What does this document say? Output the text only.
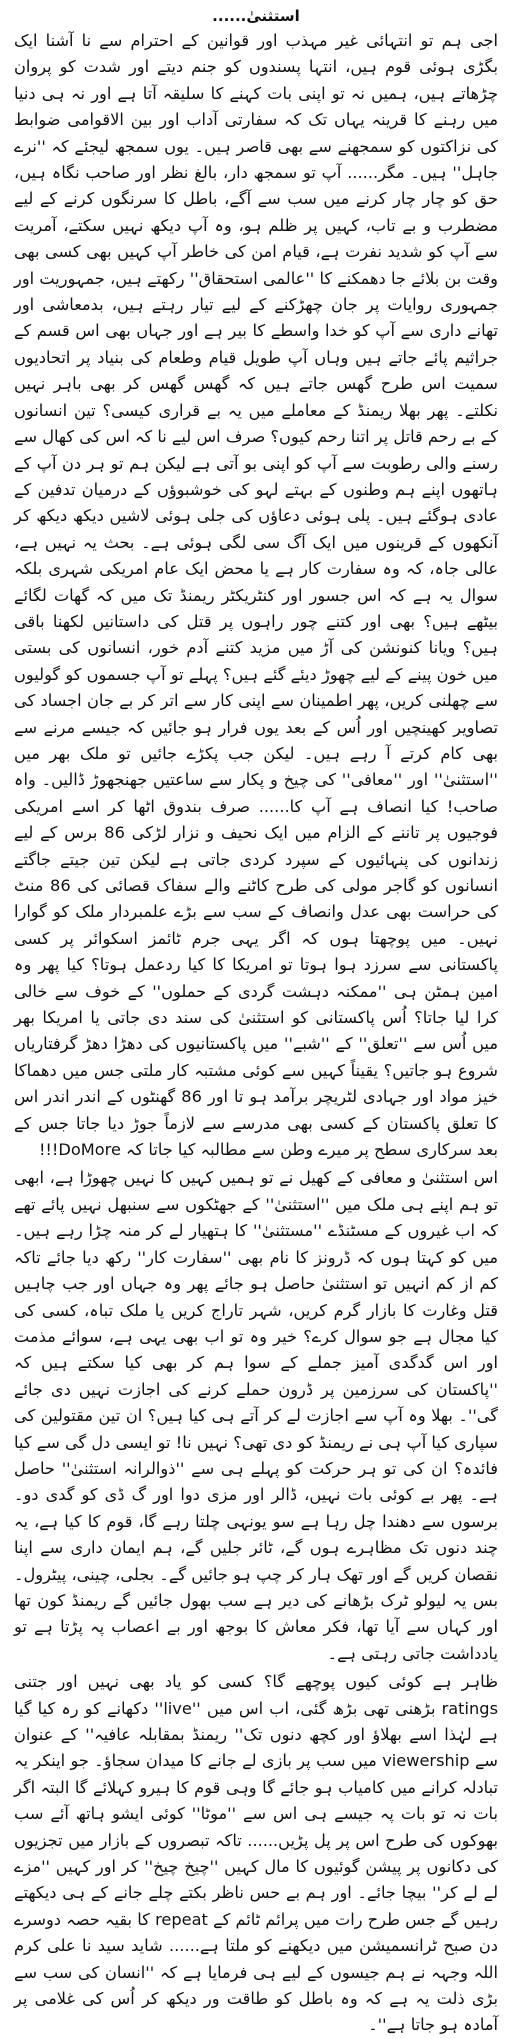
استثنیٰ......

اجی ہم تو انتہائی غیر مہذب اور قوانین کے احترام سے نا آشنا ایک بگڑی ہوئی قوم ہیں، انتہا پسندوں کو جنم دیتے اور شدت کو پروان چڑھاتے ہیں، ہمیں نہ تو اپنی بات کہنے کا سلیقہ آتا ہے اور نہ ہی دنیا میں رہنے کا قرینہ یہاں تک کہ سفارتی آداب اور بین الاقوامی ضوابط کی نزاکتوں کو سمجھنے سے بھی قاصر ہیں۔ یوں سمجھ لیجئے کہ ''نرے جاہل'' ہیں۔ مگر...... آپ تو سمجھ دار، بالغ نظر اور صاحب نگاہ ہیں، حق کو چار چار کرنے میں سب سے آگے، باطل کا سرنگوں کرنے کے لیے مضطرب و بے تاب، کہیں پر ظلم ہو، وہ آپ دیکھ نہیں سکتے، آمریت سے آپ کو شدید نفرت ہے، قیام امن کی خاطر آپ کہیں بھی کسی بھی وقت بن بلائے جا دھمکنے کا ''عالمی استحقاق'' رکھتے ہیں، جمہوریت اور جمہوری روایات پر جان چھڑکنے کے لیے تیار رہتے ہیں، بدمعاشی اور تھانے داری سے آپ کو خدا واسطے کا بیر ہے اور جہاں بھی اس قسم کے جراثیم پائے جاتے ہیں وہاں آپ طویل قیام وطعام کی بنیاد پر اتحادیوں سمیت اس طرح گھس جاتے ہیں کہ گھس گھس کر بھی باہر نہیں نکلتے۔ پھر بھلا ریمنڈ کے معاملے میں یہ بے قراری کیسی؟ تین انسانوں کے بے رحم قاتل پر اتنا رحم کیوں؟ صرف اس لیے نا کہ اس کی کھال سے رسنے والی رطوبت سے آپ کو اپنی بو آتی ہے لیکن ہم تو ہر دن آپ کے ہاتھوں اپنے ہم وطنوں کے بہتے لہو کی خوشبوؤں کے درمیان تدفین کے عادی ہوگئے ہیں۔ پلی ہوئی دعاؤں کی جلی ہوئی لاشیں دیکھ دیکھ کر آنکھوں کے قرینوں میں ایک آگ سی لگی ہوئی ہے۔ بحث یہ نہیں ہے، عالی جاہ، کہ وہ سفارت کار ہے یا محض ایک عام امریکی شہری بلکہ سوال یہ ہے کہ اس جسور اور کنٹریکٹر ریمنڈ تک میں کہ گھات لگائے بیٹھے ہیں؟ بھی اور کتنے چور راہوں پر قتل کی داستانیں لکھنا باقی ہیں؟ ویانا کنونشن کی آڑ میں مزید کتنے آدم خور، انسانوں کی بستی میں خون پینے کے لیے چھوڑ دیئے گئے ہیں؟ پہلے تو آپ جسموں کو گولیوں سے چھلنی کریں، پھر اطمینان سے اپنی کار سے اتر کر بے جان اجساد کی تصاویر کھینچیں اور اُس کے بعد یوں فرار ہو جائیں کہ جیسے مرنے سے بھی کام کرتے آ رہے ہیں۔ لیکن جب پکڑے جائیں تو ملک بھر میں ''استثنیٰ'' اور ''معافی'' کی چیخ و پکار سے ساعتیں جھنجھوڑ ڈالیں۔ واہ صاحب! کیا انصاف ہے آپ کا...... صرف بندوق اٹھا کر اسے امریکی فوجیوں پر تاننے کے الزام میں ایک نحیف و نزار لڑکی 86 برس کے لیے زندانوں کی پنہائیوں کے سپرد کردی جاتی ہے لیکن تین جیتے جاگتے انسانوں کو گاجر مولی کی طرح کاٹنے والے سفاک قصائی کی 86 منٹ کی حراست بھی عدل وانصاف کے سب سے بڑے علمبردار ملک کو گوارا نہیں۔ میں پوچھتا ہوں کہ اگر یہی جرم ٹائمز اسکوائر پر کسی پاکستانی سے سرزد ہوا ہوتا تو امریکا کا کیا ردعمل ہوتا؟ کیا پھر وہ امین ہمٹن ہی ''ممکنہ دہشت گردی کے حملوں'' کے خوف سے خالی کرا لیا جاتا؟ اُس پاکستانی کو استثنیٰ کی سند دی جاتی یا امریکا بھر میں اُس سے ''تعلق'' کے ''شبے'' میں پاکستانیوں کی دھڑا دھڑ گرفتاریاں شروع ہو جاتیں؟ یقیناً کہیں سے کوئی مشتبہ کار ملتی جس میں دھماکا خیز مواد اور جہادی لٹریچر برآمد ہو تا اور 86 گھنٹوں کے اندر اندر اس کا تعلق پاکستان کے کسی بھی مدرسے سے لازماً جوڑ دیا جاتا جس کے بعد سرکاری سطح پر میرے وطن سے مطالبہ کیا جاتا کہ DoMore!!!

اس استثنیٰ و معافی کے کھیل نے تو ہمیں کہیں کا نہیں چھوڑا ہے، ابھی تو ہم اپنے ہی ملک میں ''استثنیٰ'' کے جھٹکوں سے سنبھل نہیں پائے تھے کہ اب غیروں کے مسٹنڈے ''مستثنیٰ'' کا ہتھیار لے کر منہ چڑا رہے ہیں۔ میں کو کہتا ہوں کہ ڈرونز کا نام بھی ''سفارت کار'' رکھ دیا جائے تاکہ کم از کم انہیں تو استثنیٰ حاصل ہو جائے پھر وہ جہاں اور جب چاہیں قتل وغارت کا بازار گرم کریں، شہر تاراج کریں یا ملک تباہ، کسی کی کیا مجال ہے جو سوال کرے؟ خیر وہ تو اب بھی یہی ہے، سوائے مذمت اور اس گدگدی آمیز جملے کے سوا ہم کر بھی کیا سکتے ہیں کہ ''پاکستان کی سرزمین پر ڈرون حملے کرنے کی اجازت نہیں دی جائے گی''۔ بھلا وہ آپ سے اجازت لے کر آتے ہی کیا ہیں؟ ان تین مقتولین کی سپاری کیا آپ ہی نے ریمنڈ کو دی تھی؟ نہیں نا! تو ایسی دل گی سے کیا فائدہ؟ ان کی تو ہر حرکت کو پہلے ہی سے ''ذوالرانہ استثنیٰ'' حاصل ہے۔ پھر بے کوئی بات نہیں، ڈالر اور مزی دوا اور گ ڈی کو گدی دو۔ برسوں سے دھندا چل رہا ہے سو یونہی چلتا رہے گا، قوم کا کیا ہے، یہ چند دنوں تک مظاہرے ہوں گے، ٹائر جلیں گے، ہم ایمان داری سے اپنا نقصان کریں گے اور تھک ہار کر چپ ہو جائیں گے۔ بجلی، چینی، پیٹرول۔ بس یہ لیولو ٹرک بڑھانے کی دیر ہے سب بھول جائیں گے ریمنڈ کون تھا اور کہاں سے آیا تھا، فکر معاش کا بوجھ اور بے اعصاب پہ پڑتا ہے تو یادداشت جاتی رہتی ہے۔

ظاہر ہے کوئی کیوں پوچھے گا؟ کسی کو یاد بھی نہیں اور جتنی ratings بڑھنی تھی بڑھ گئی، اب اس میں ''live'' دکھانے کو رہ کیا گیا ہے لہٰذا اسے بھلاؤ اور کچھ دنوں تک'' ریمنڈ بمقابلہ عافیہ'' کے عنوان سے viewership میں سب پر بازی لے جانے کا میدان سجاؤ۔ جو اینکر یہ تبادلہ کرانے میں کامیاب ہو جائے گا وہی قوم کا ہیرو کہلائے گا البتہ اگر بات نہ تو بات پہ جیسے ہی اس سے ''موٹا'' کوئی ایشو ہاتھ آئے سب بھوکوں کی طرح اس پر پل پڑیں...... تاکہ تبصروں کے بازار میں تجزیوں کی دکانوں پر پیشن گوئیوں کا مال کہیں ''چیخ چیخ'' کر اور کہیں ''مزے لے لے کر'' بیچا جائے۔ اور ہم بے حس ناظر بکتے چلے جانے کے ہی دیکھتے رہیں گے جس طرح رات میں پرائم ٹائم کے repeat کا بقیہ حصہ دوسرے دن صبح ٹرانسمیشن میں دیکھنے کو ملتا ہے...... شاید سید نا علی کرم اللہ وجہہ نے ہم جیسوں کے لیے ہی فرمایا ہے کہ ''انسان کی سب سے بڑی ذلت یہ ہے کہ وہ باطل کو طاقت ور دیکھ کر اُس کی غلامی پر آمادہ ہو جاتا ہے''۔
